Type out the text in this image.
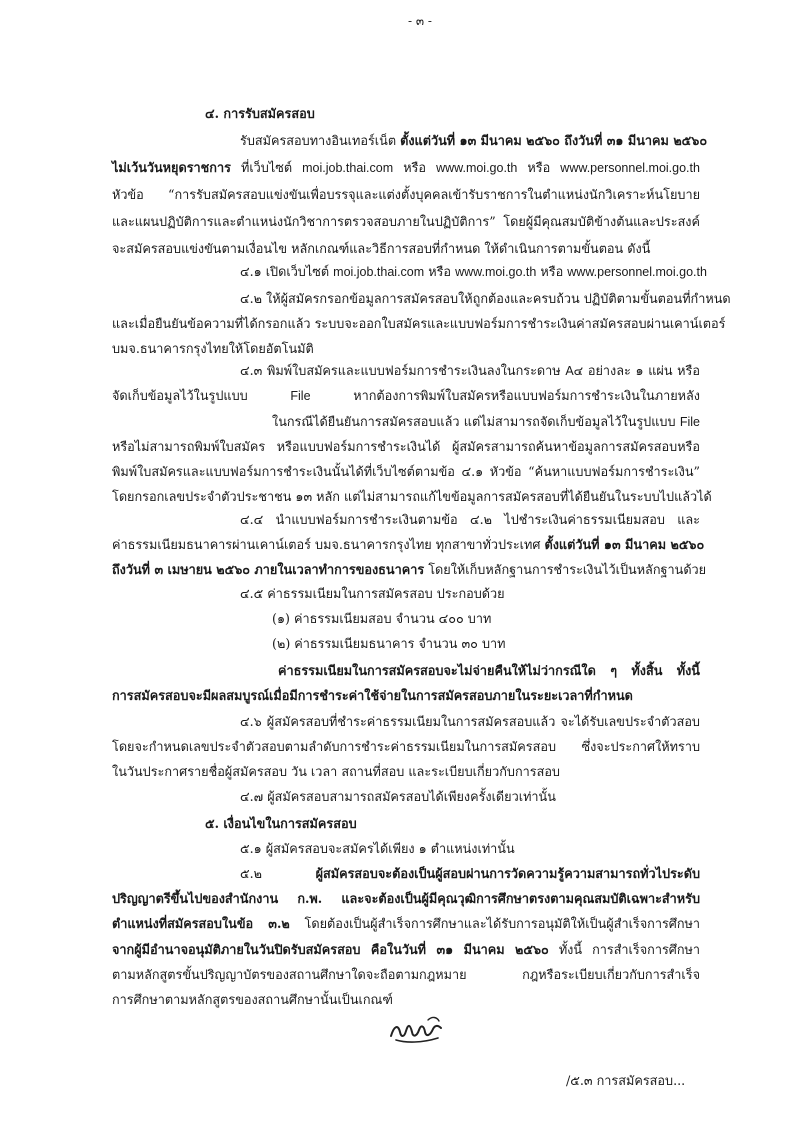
- ๓ -
๔. การรับสมัครสอบ
รับสมัครสอบทางอินเทอร์เน็ต ตั้งแต่วันที่ ๑๓ มีนาคม ๒๕๖๐ ถึงวันที่ ๓๑ มีนาคม ๒๕๖๐
ไม่เว้นวันหยุดราชการ ที่เว็บไซต์ moi.job.thai.com หรือ www.moi.go.th หรือ www.personnel.moi.go.th
หัวข้อ “การรับสมัครสอบแข่งขันเพื่อบรรจุและแต่งตั้งบุคคลเข้ารับราชการในตำแหน่งนักวิเคราะห์นโยบาย
และแผนปฏิบัติการและตำแหน่งนักวิชาการตรวจสอบภายในปฏิบัติการ” โดยผู้มีคุณสมบัติข้างต้นและประสงค์
จะสมัครสอบแข่งขันตามเงื่อนไข หลักเกณฑ์และวิธีการสอบที่กำหนด ให้ดำเนินการตามขั้นตอน ดังนี้
๔.๑ เปิดเว็บไซต์ moi.job.thai.com หรือ www.moi.go.th หรือ www.personnel.moi.go.th
๔.๒ ให้ผู้สมัครกรอกข้อมูลการสมัครสอบให้ถูกต้องและครบถ้วน ปฏิบัติตามขั้นตอนที่กำหนด
และเมื่อยืนยันข้อความที่ได้กรอกแล้ว ระบบจะออกใบสมัครและแบบฟอร์มการชำระเงินค่าสมัครสอบผ่านเคาน์เตอร์
บมจ.ธนาคารกรุงไทยให้โดยอัตโนมัติ
๔.๓ พิมพ์ใบสมัครและแบบฟอร์มการชำระเงินลงในกระดาษ A๔ อย่างละ ๑ แผ่น หรือ
จัดเก็บข้อมูลไว้ในรูปแบบ	File	หากต้องการพิมพ์ใบสมัครหรือแบบฟอร์มการชำระเงินในภายหลัง
ในกรณีได้ยืนยันการสมัครสอบแล้ว แต่ไม่สามารถจัดเก็บข้อมูลไว้ในรูปแบบ File
หรือไม่สามารถพิมพ์ใบสมัคร หรือแบบฟอร์มการชำระเงินได้ ผู้สมัครสามารถค้นหาข้อมูลการสมัครสอบหรือ
พิมพ์ใบสมัครและแบบฟอร์มการชำระเงินนั้นได้ที่เว็บไซต์ตามข้อ ๔.๑ หัวข้อ “ค้นหาแบบฟอร์มการชำระเงิน”
โดยกรอกเลขประจำตัวประชาชน ๑๓ หลัก แต่ไม่สามารถแก้ไขข้อมูลการสมัครสอบที่ได้ยืนยันในระบบไปแล้วได้
๔.๔ นำแบบฟอร์มการชำระเงินตามข้อ ๔.๒ ไปชำระเงินค่าธรรมเนียมสอบ และ
ค่าธรรมเนียมธนาคารผ่านเคาน์เตอร์ บมจ.ธนาคารกรุงไทย ทุกสาขาทั่วประเทศ ตั้งแต่วันที่ ๑๓ มีนาคม ๒๕๖๐
ถึงวันที่ ๓ เมษายน ๒๕๖๐ ภายในเวลาทำการของธนาคาร โดยให้เก็บหลักฐานการชำระเงินไว้เป็นหลักฐานด้วย
๔.๕ ค่าธรรมเนียมในการสมัครสอบ ประกอบด้วย
(๑) ค่าธรรมเนียมสอบ จำนวน ๔๐๐ บาท
(๒) ค่าธรรมเนียมธนาคาร จำนวน ๓๐ บาท
ค่าธรรมเนียมในการสมัครสอบจะไม่จ่ายคืนให้ไม่ว่ากรณีใด ๆ ทั้งสิ้น ทั้งนี้
การสมัครสอบจะมีผลสมบูรณ์เมื่อมีการชำระค่าใช้จ่ายในการสมัครสอบภายในระยะเวลาที่กำหนด
๔.๖ ผู้สมัครสอบที่ชำระค่าธรรมเนียมในการสมัครสอบแล้ว จะได้รับเลขประจำตัวสอบ
โดยจะกำหนดเลขประจำตัวสอบตามลำดับการชำระค่าธรรมเนียมในการสมัครสอบ ซึ่งจะประกาศให้ทราบ
ในวันประกาศรายชื่อผู้สมัครสอบ วัน เวลา สถานที่สอบ และระเบียบเกี่ยวกับการสอบ
๔.๗ ผู้สมัครสอบสามารถสมัครสอบได้เพียงครั้งเดียวเท่านั้น
๕. เงื่อนไขในการสมัครสอบ
๕.๑ ผู้สมัครสอบจะสมัครได้เพียง ๑ ตำแหน่งเท่านั้น
๕.๒	ผู้สมัครสอบจะต้องเป็นผู้สอบผ่านการวัดความรู้ความสามารถทั่วไประดับ
ปริญญาตรีขึ้นไปของสำนักงาน ก.พ. และจะต้องเป็นผู้มีคุณวุฒิการศึกษาตรงตามคุณสมบัติเฉพาะสำหรับ
ตำแหน่งที่สมัครสอบในข้อ ๓.๒ โดยต้องเป็นผู้สำเร็จการศึกษาและได้รับการอนุมัติให้เป็นผู้สำเร็จการศึกษา
จากผู้มีอำนาจอนุมัติภายในวันปิดรับสมัครสอบ คือในวันที่ ๓๑ มีนาคม ๒๕๖๐ ทั้งนี้ การสำเร็จการศึกษา
ตามหลักสูตรขั้นปริญญาบัตรของสถานศึกษาใดจะถือตามกฎหมาย กฎหรือระเบียบเกี่ยวกับการสำเร็จ
การศึกษาตามหลักสูตรของสถานศึกษานั้นเป็นเกณฑ์
/๕.๓ การสมัครสอบ...
